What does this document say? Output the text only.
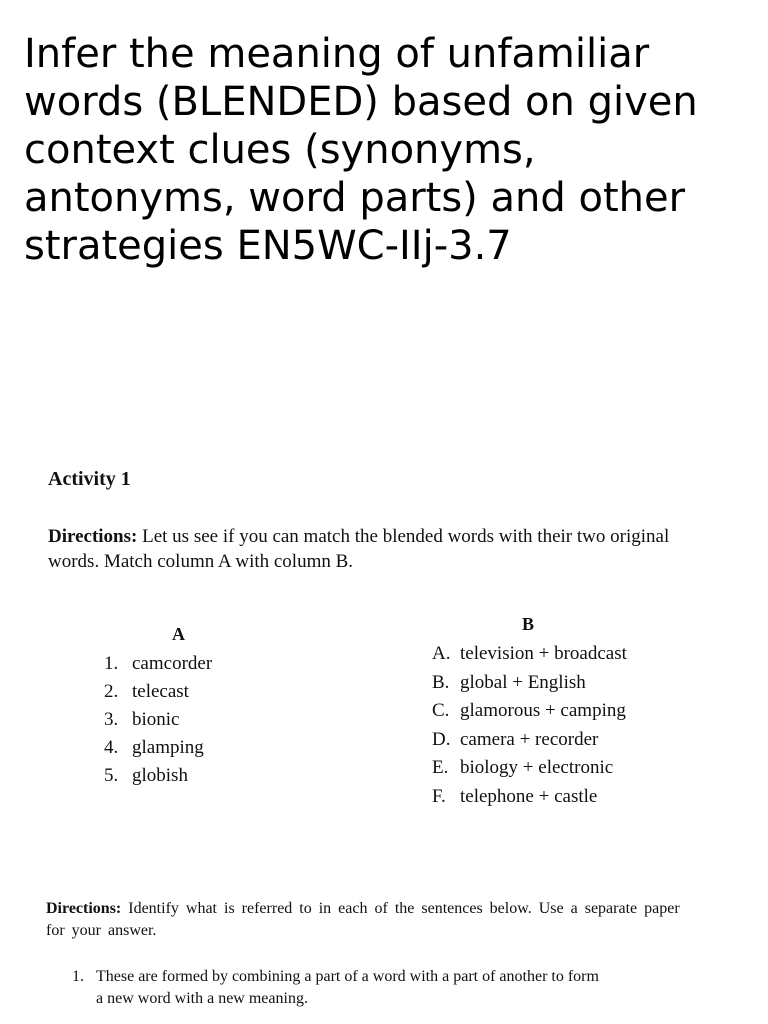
Infer the meaning of unfamiliar words (BLENDED) based on given context clues (synonyms, antonyms, word parts) and other strategies EN5WC-IIj-3.7
Activity 1

Directions: Let us see if you can match the blended words with their two original words. Match column A with column B.

A	B
1. camcorder
2. telecast
3. bionic
4. glamping
5. globish
A. television + broadcast
B. global + English
C. glamorous + camping
D. camera + recorder
E. biology + electronic
F. telephone + castle

Directions: Identify what is referred to in each of the sentences below. Use a separate paper for your answer.

1. These are formed by combining a part of a word with a part of another to form
a new word with a new meaning.
